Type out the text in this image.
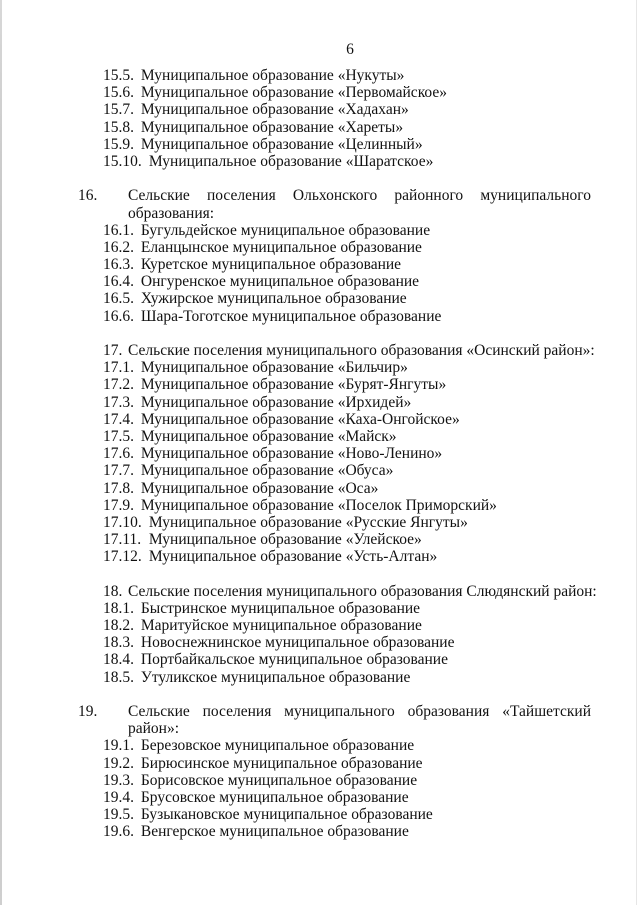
6
15.5. Муниципальное образование «Нукуты»
15.6. Муниципальное образование «Первомайское»
15.7. Муниципальное образование «Хадахан»
15.8. Муниципальное образование «Хареты»
15.9. Муниципальное образование «Целинный»
15.10. Муниципальное образование «Шаратское»
16. Сельские поселения Ольхонского районного муниципального образования:
16.1. Бугульдейское муниципальное образование
16.2. Еланцынское муниципальное образование
16.3. Куретское муниципальное образование
16.4. Онгуренское муниципальное образование
16.5. Хужирское муниципальное образование
16.6. Шара-Тоготское муниципальное образование
17. Сельские поселения муниципального образования «Осинский район»:
17.1. Муниципальное образование «Бильчир»
17.2. Муниципальное образование «Бурят-Янгуты»
17.3. Муниципальное образование «Ирхидей»
17.4. Муниципальное образование «Каха-Онгойское»
17.5. Муниципальное образование «Майск»
17.6. Муниципальное образование «Ново-Ленино»
17.7. Муниципальное образование «Обуса»
17.8. Муниципальное образование «Оса»
17.9. Муниципальное образование «Поселок Приморский»
17.10. Муниципальное образование «Русские Янгуты»
17.11. Муниципальное образование «Улейское»
17.12. Муниципальное образование «Усть-Алтан»
18. Сельские поселения муниципального образования Слюдянский район:
18.1. Быстринское муниципальное образование
18.2. Маритуйское муниципальное образование
18.3. Новоснежнинское муниципальное образование
18.4. Портбайкальское муниципальное образование
18.5. Утуликское муниципальное образование
19. Сельские поселения муниципального образования «Тайшетский район»:
19.1. Березовское муниципальное образование
19.2. Бирюсинское муниципальное образование
19.3. Борисовское муниципальное образование
19.4. Брусовское муниципальное образование
19.5. Бузыкановское муниципальное образование
19.6. Венгерское муниципальное образование
